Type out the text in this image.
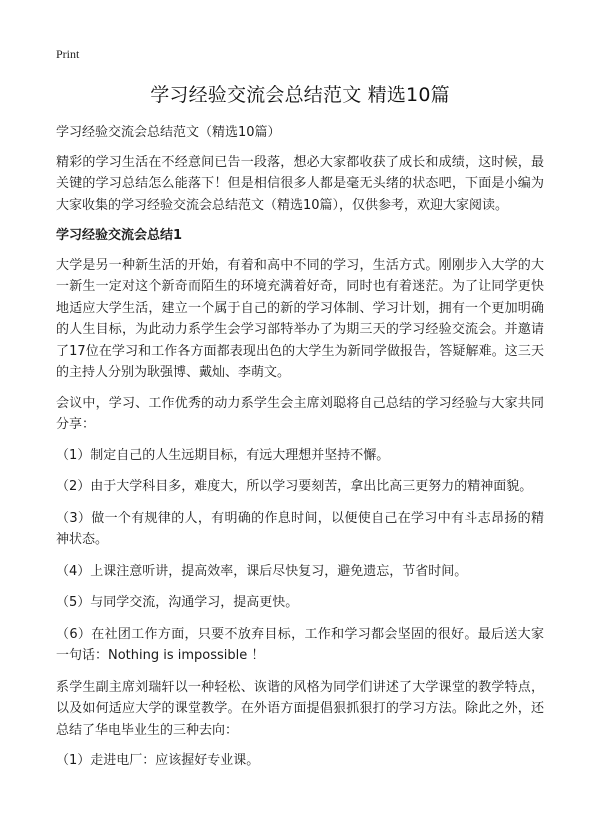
Print
学习经验交流会总结范文 精选10篇

学习经验交流会总结范文（精选10篇）

精彩的学习生活在不经意间已告一段落，想必大家都收获了成长和成绩，这时候，最关键的学习总结怎么能落下！但是相信很多人都是毫无头绪的状态吧，下面是小编为大家收集的学习经验交流会总结范文（精选10篇），仅供参考，欢迎大家阅读。

学习经验交流会总结1

大学是另一种新生活的开始，有着和高中不同的学习，生活方式。刚刚步入大学的大一新生一定对这个新奇而陌生的环境充满着好奇，同时也有着迷茫。为了让同学更快地适应大学生活，建立一个属于自己的新的学习体制、学习计划，拥有一个更加明确的人生目标，为此动力系学生会学习部特举办了为期三天的学习经验交流会。并邀请了17位在学习和工作各方面都表现出色的大学生为新同学做报告，答疑解难。这三天的主持人分别为耿强博、戴灿、李萌文。

会议中，学习、工作优秀的动力系学生会主席刘聪将自己总结的学习经验与大家共同分享：

（1）制定自己的人生远期目标，有远大理想并坚持不懈。

（2）由于大学科目多，难度大，所以学习要刻苦，拿出比高三更努力的精神面貌。

（3）做一个有规律的人，有明确的作息时间，以便使自己在学习中有斗志昂扬的精神状态。

（4）上课注意听讲，提高效率，课后尽快复习，避免遗忘，节省时间。

（5）与同学交流，沟通学习，提高更快。

（6）在社团工作方面，只要不放弃目标，工作和学习都会坚固的很好。最后送大家一句话：Nothing is impossible ！

系学生副主席刘瑞轩以一种轻松、诙谐的风格为同学们讲述了大学课堂的教学特点，以及如何适应大学的课堂教学。在外语方面提倡狠抓狠打的学习方法。除此之外，还总结了华电毕业生的三种去向：

（1）走进电厂：应该握好专业课。
